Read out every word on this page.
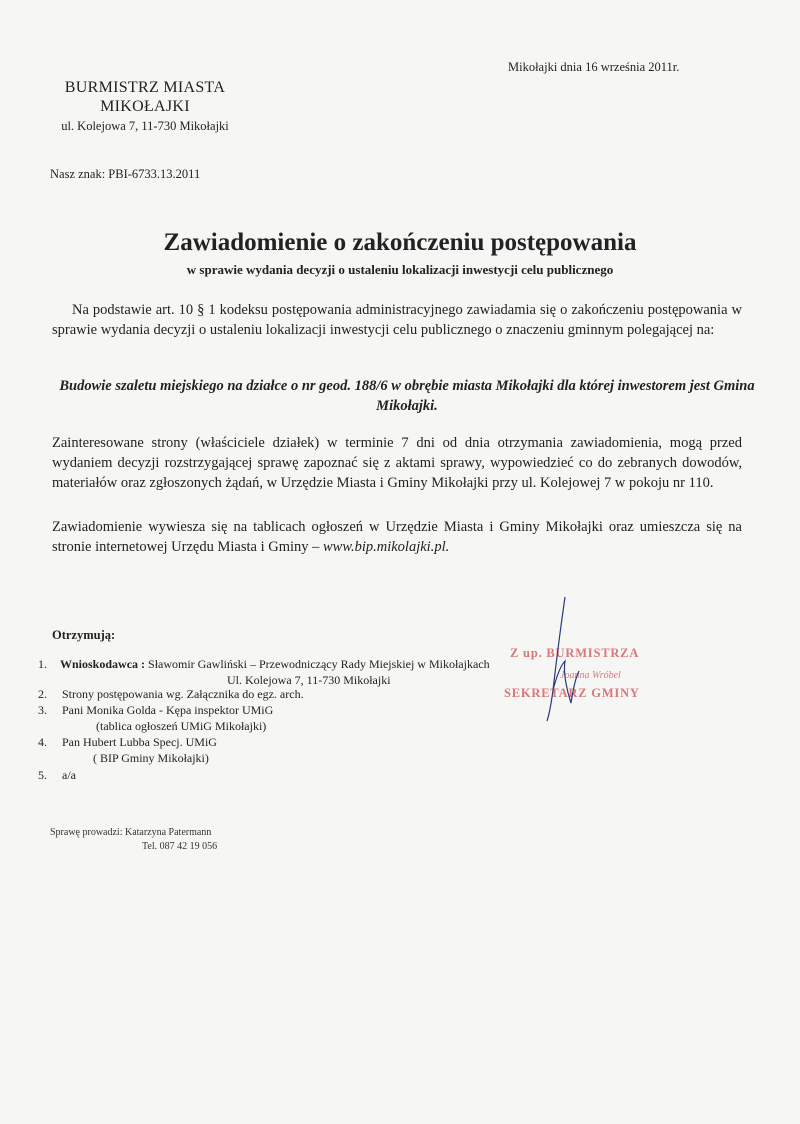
Mikołajki dnia 16 września 2011r.
BURMISTRZ MIASTA
MIKOŁAJKI
ul. Kolejowa 7, 11-730 Mikołajki
Nasz znak: PBI-6733.13.2011
Zawiadomienie o zakończeniu postępowania
w sprawie wydania decyzji o ustaleniu lokalizacji inwestycji celu publicznego
Na podstawie art. 10 § 1 kodeksu postępowania administracyjnego zawiadamia się o zakończeniu postępowania w sprawie wydania decyzji o ustaleniu lokalizacji inwestycji celu publicznego o znaczeniu gminnym polegającej na:
Budowie szaletu miejskiego na działce o nr geod. 188/6 w obrębie miasta Mikołajki dla której inwestorem jest Gmina Mikołajki.
Zainteresowane strony (właściciele działek) w terminie 7 dni od dnia otrzymania zawiadomienia, mogą przed wydaniem decyzji rozstrzygającej sprawę zapoznać się z aktami sprawy, wypowiedzieć co do zebranych dowodów, materiałów oraz zgłoszonych żądań, w Urzędzie Miasta i Gminy Mikołajki przy ul. Kolejowej 7 w pokoju nr 110.
Zawiadomienie wywiesza się na tablicach ogłoszeń w Urzędzie Miasta i Gminy Mikołajki oraz umieszcza się na stronie internetowej Urzędu Miasta i Gminy – www.bip.mikolajki.pl.
Otrzymują:
1. Wnioskodawca : Sławomir Gawliński – Przewodniczący Rady Miejskiej w Mikołajkach
Ul. Kolejowa 7, 11-730 Mikołajki
2. Strony postępowania wg. Załącznika do egz. arch.
3. Pani Monika Golda - Kępa inspektor UMiG
(tablica ogłoszeń UMiG Mikołajki)
4. Pan Hubert Lubba Specj. UMiG
( BIP Gminy Mikołajki)
5. a/a
Z up. BURMISTRZA
Joanna Wróbel
SEKRETARZ GMINY
Sprawę prowadzi: Katarzyna Patermann
Tel. 087 42 19 056
